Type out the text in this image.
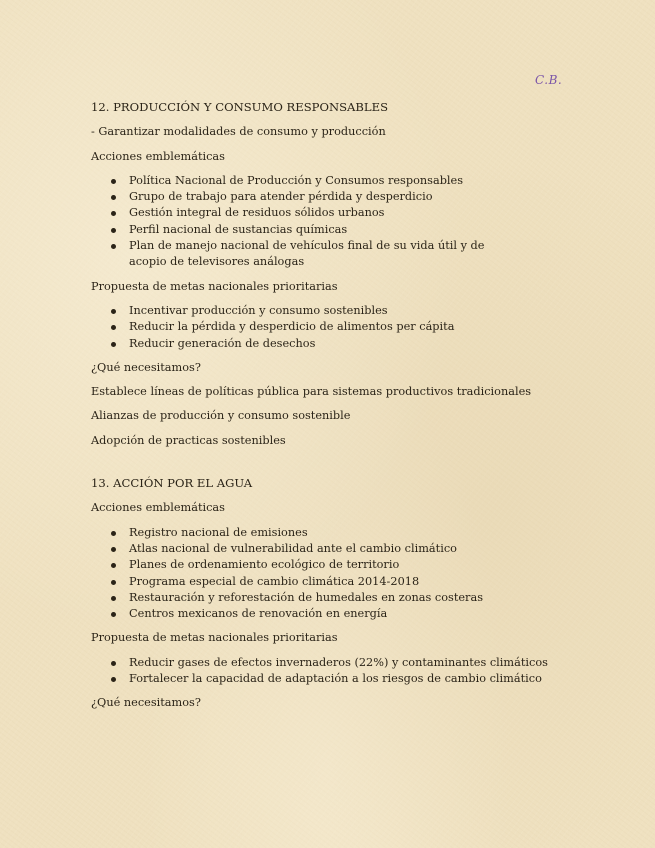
C.B.

12. PRODUCCIÓN Y CONSUMO RESPONSABLES

- Garantizar modalidades de consumo y producción

Acciones emblemáticas

Política Nacional de Producción y Consumos responsables
Grupo de trabajo para atender pérdida y desperdicio
Gestión integral de residuos sólidos urbanos
Perfil nacional de sustancias químicas
Plan de manejo nacional de vehículos final de su vida útil y de acopio de televisores análogas

Propuesta de metas nacionales prioritarias

Incentivar producción y consumo sostenibles
Reducir la pérdida y desperdicio de alimentos per cápita
Reducir generación de desechos

¿Qué necesitamos?

Establece líneas de políticas pública para sistemas productivos tradicionales

Alianzas de producción y consumo sostenible

Adopción de practicas sostenibles

13. ACCIÓN POR EL AGUA

Acciones emblemáticas

Registro nacional de emisiones
Atlas nacional de vulnerabilidad ante el cambio climático
Planes de ordenamiento ecológico de territorio
Programa especial de cambio climática 2014-2018
Restauración y reforestación de humedales en zonas costeras
Centros mexicanos de renovación en energía

Propuesta de metas nacionales prioritarias

Reducir gases de efectos invernaderos (22%) y contaminantes climáticos
Fortalecer la capacidad de adaptación a los riesgos de cambio climático

¿Qué necesitamos?
